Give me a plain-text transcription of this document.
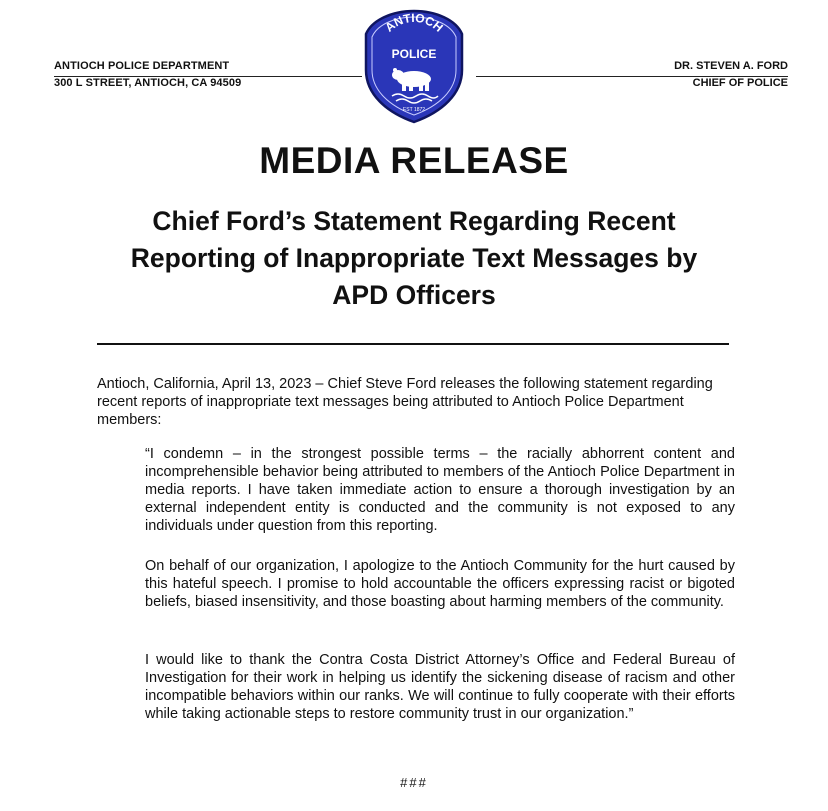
ANTIOCH POLICE DEPARTMENT
300 L STREET, ANTIOCH, CA 94509
DR. STEVEN A. FORD
CHIEF OF POLICE
ANTIOCH
POLICE
EST 1872
MEDIA RELEASE
Chief Ford’s Statement Regarding Recent Reporting of Inappropriate Text Messages by APD Officers
Antioch, California, April 13, 2023 – Chief Steve Ford releases the following statement regarding recent reports of inappropriate text messages being attributed to Antioch Police Department members:
“I condemn – in the strongest possible terms – the racially abhorrent content and incomprehensible behavior being attributed to members of the Antioch Police Department in media reports. I have taken immediate action to ensure a thorough investigation by an external independent entity is conducted and the community is not exposed to any individuals under question from this reporting.
On behalf of our organization, I apologize to the Antioch Community for the hurt caused by this hateful speech. I promise to hold accountable the officers expressing racist or bigoted beliefs, biased insensitivity, and those boasting about harming members of the community.
I would like to thank the Contra Costa District Attorney’s Office and Federal Bureau of Investigation for their work in helping us identify the sickening disease of racism and other incompatible behaviors within our ranks. We will continue to fully cooperate with their efforts while taking actionable steps to restore community trust in our organization.”
###
